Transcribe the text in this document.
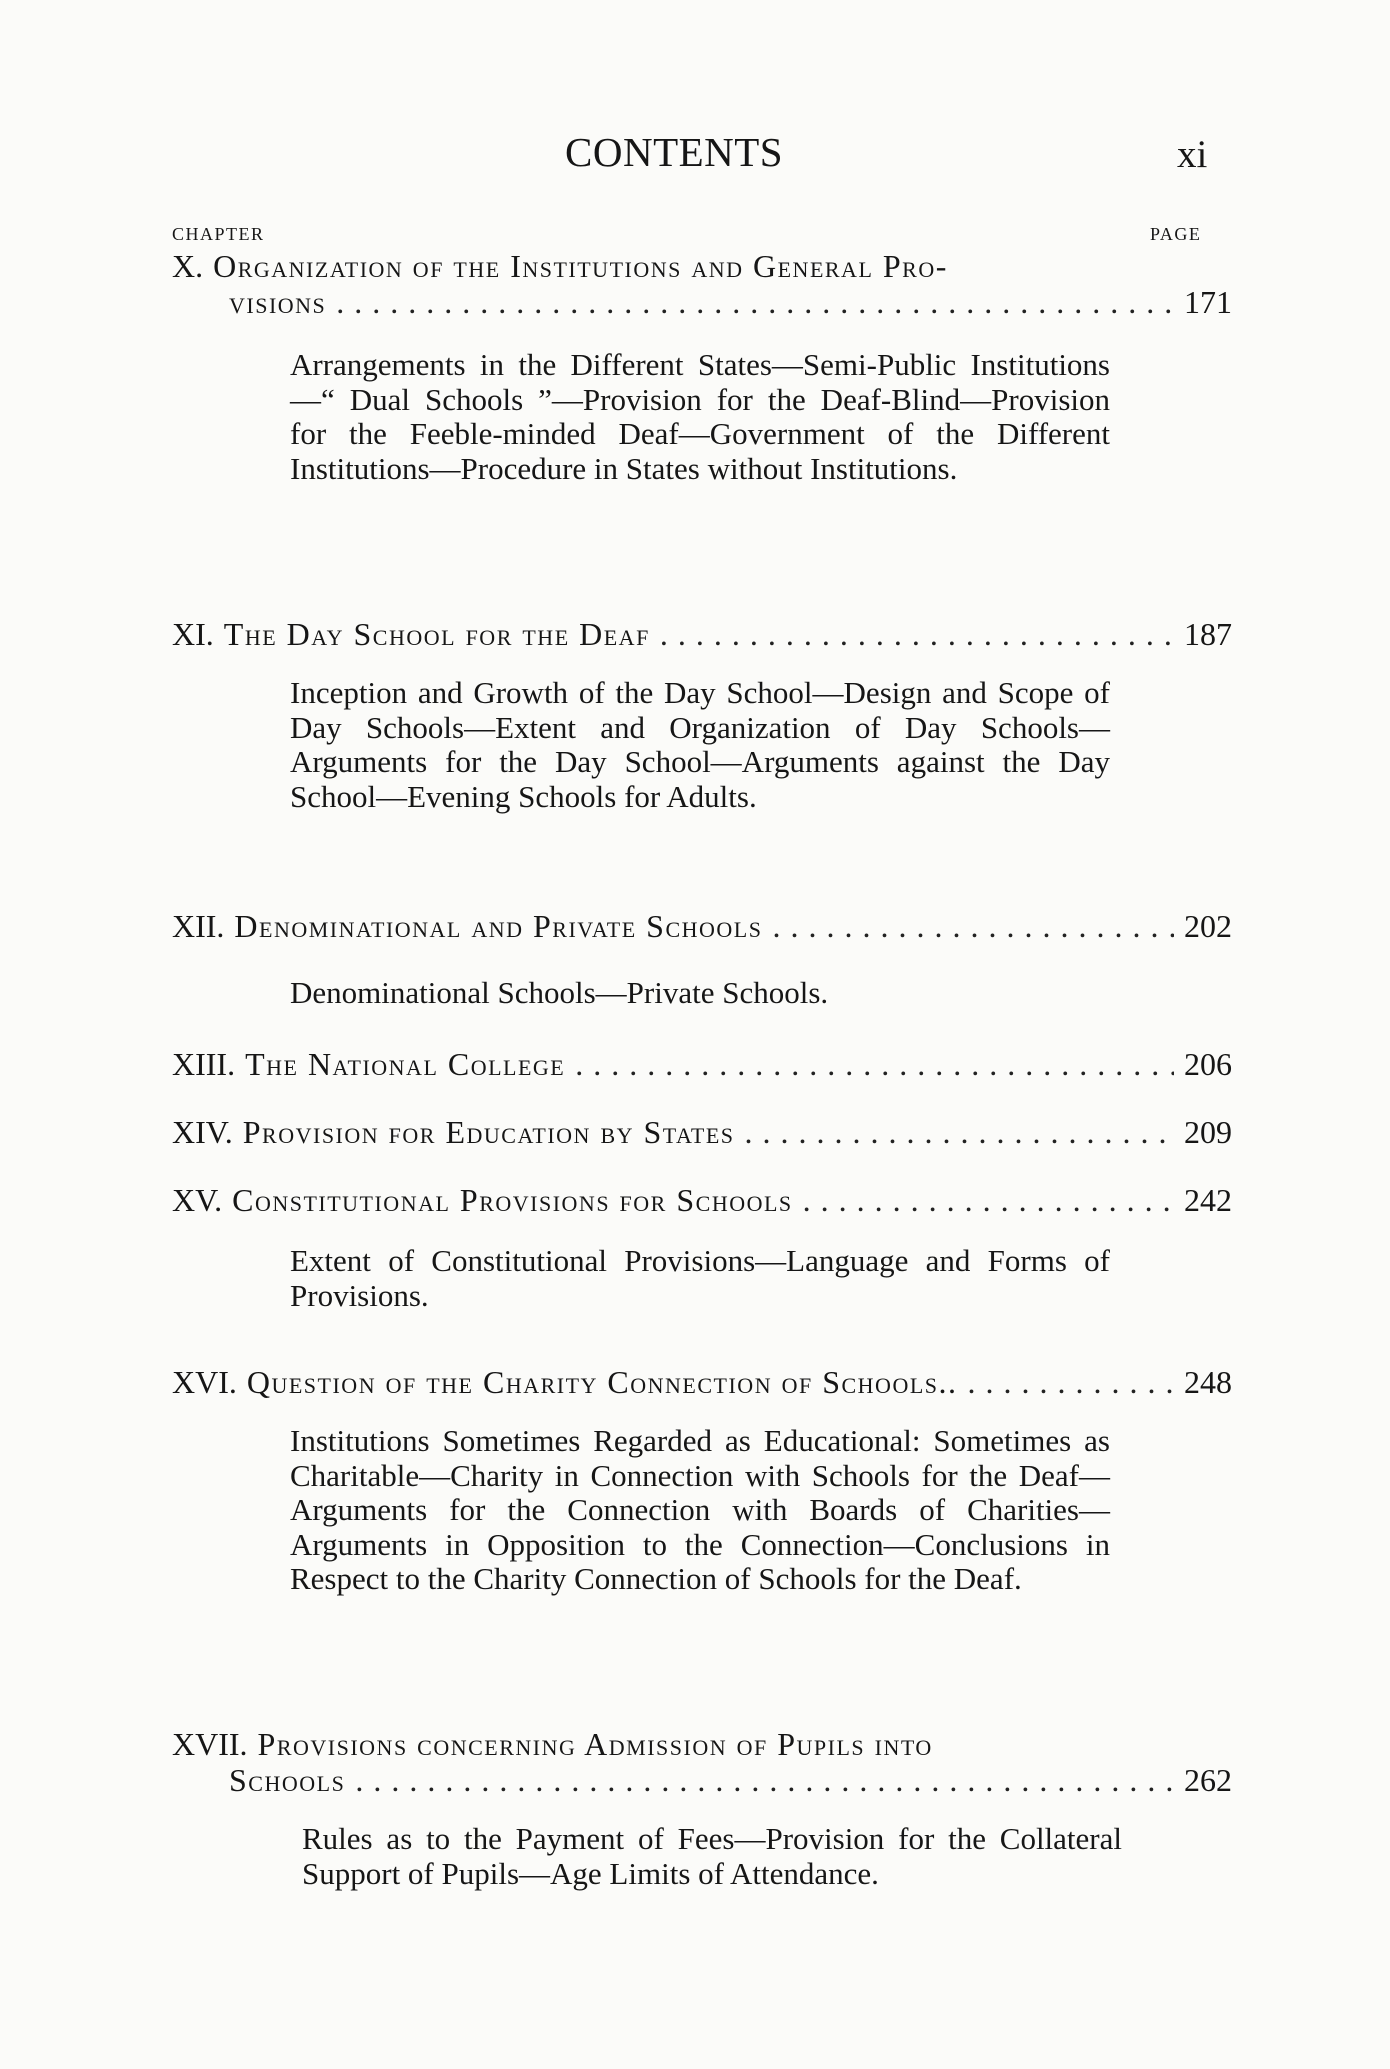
CONTENTS	xi
CHAPTER	PAGE
X. Organization of the Institutions and General Pro-
visions . . .	171

Arrangements in the Different States—Semi-Public Institutions—“ Dual Schools ”—Provision for the Deaf-Blind—Provision for the Feeble-minded Deaf—Government of the Different Institutions—Procedure in States without Institutions.

XI. The Day School for the Deaf . . .	187

Inception and Growth of the Day School—Design and Scope of Day Schools—Extent and Organization of Day Schools—Arguments for the Day School—Arguments against the Day School—Evening Schools for Adults.

XII. Denominational and Private Schools . . .	202

Denominational Schools—Private Schools.

XIII. The National College . . .	206
XIV. Provision for Education by States . . .	209
XV. Constitutional Provisions for Schools . . .	242

Extent of Constitutional Provisions—Language and Forms of Provisions.

XVI. Question of the Charity Connection of Schools.. . . .	248

Institutions Sometimes Regarded as Educational: Sometimes as Charitable—Charity in Connection with Schools for the Deaf—Arguments for the Connection with Boards of Charities—Arguments in Opposition to the Connection—Conclusions in Respect to the Charity Connection of Schools for the Deaf.

XVII. Provisions concerning Admission of Pupils into
Schools . . .	262

Rules as to the Payment of Fees—Provision for the Collateral Support of Pupils—Age Limits of Attendance.
